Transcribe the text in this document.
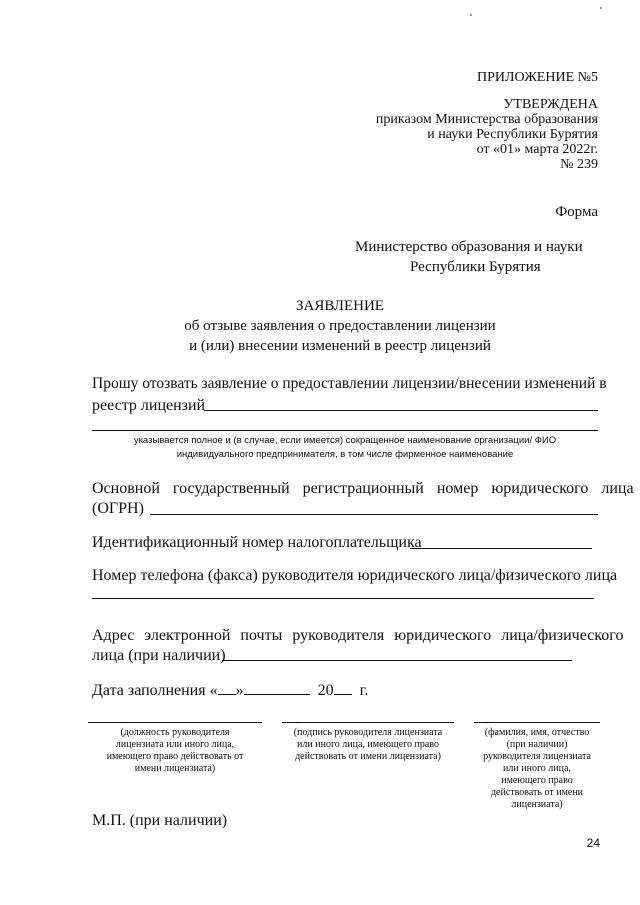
ПРИЛОЖЕНИЕ №5
УТВЕРЖДЕНА
приказом Министерства образования
и науки Республики Бурятия
от «01» марта 2022г.
№ 239
Форма
Министерство образования и науки
Республики Бурятия
ЗАЯВЛЕНИЕ
об отзыве заявления о предоставлении лицензии
и (или) внесении изменений в реестр лицензий
Прошу отозвать заявление о предоставлении лицензии/внесении изменений в
реестр лицензий
указывается полное и (в случае, если имеется) сокращенное наименование организации/ ФИО
индивидуального предпринимателя, в том числе фирменное наименование
Основной государственный регистрационный номер юридического лица
(ОГРН)
Идентификационный номер налогоплательщика
Номер телефона (факса) руководителя юридического лица/физического лица
Адрес электронной почты руководителя юридического лица/физического
лица (при наличии)
Дата заполнения « »	20 г.
(должность руководителя
лицензиата или иного лица,
имеющего право действовать от
имени лицензиата)
(подпись руководителя лицензиата
или иного лица, имеющего право
действовать от имени лицензиата)
(фамилия, имя, отчество
(при наличии)
руководителя лицензиата
или иного лица,
имеющего право
действовать от имени
лицензиата)
М.П. (при наличии)
24
